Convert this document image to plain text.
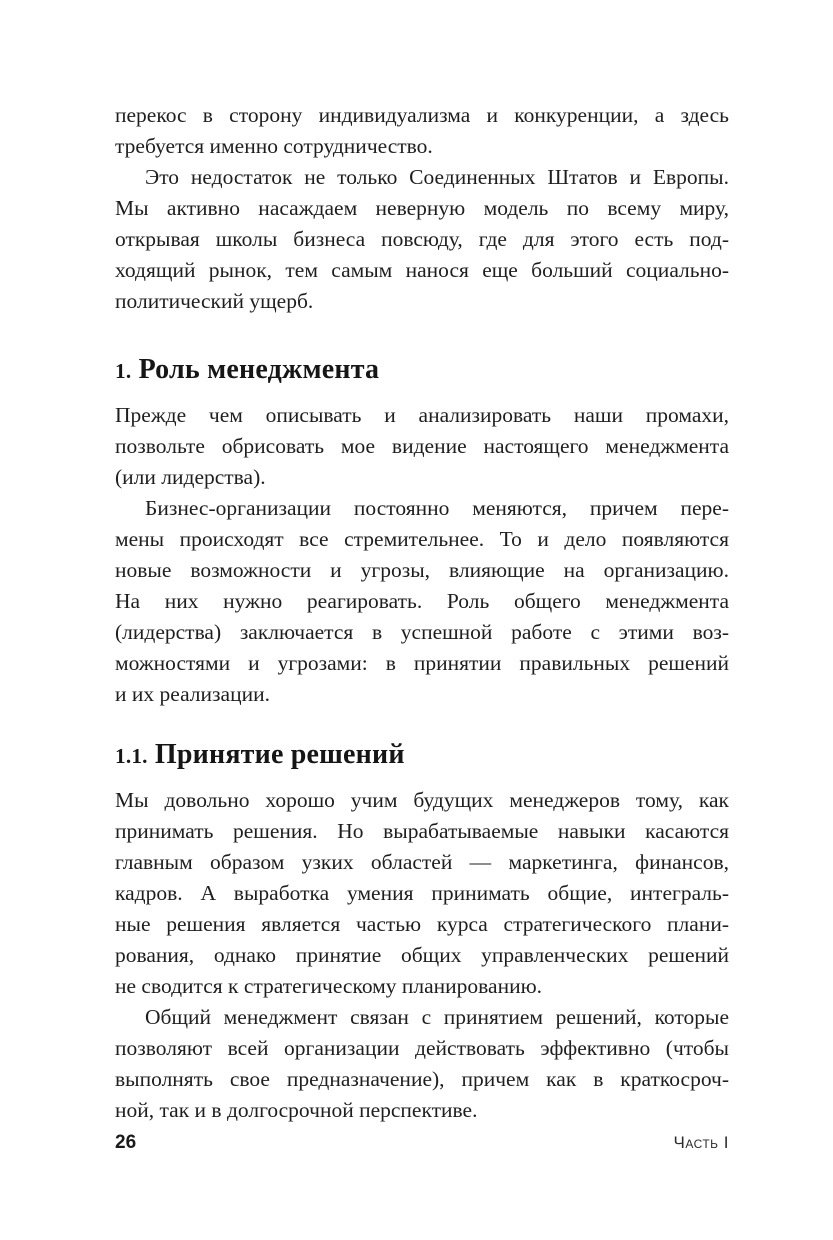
перекос в сторону индивидуализма и конкуренции, а здесь
требуется именно сотрудничество.

Это недостаток не только Соединенных Штатов и Европы.
Мы активно насаждаем неверную модель по всему миру,
открывая школы бизнеса повсюду, где для этого есть под-
ходящий рынок, тем самым нанося еще больший социально-
политический ущерб.

1. Роль менеджмента

Прежде чем описывать и анализировать наши промахи,
позвольте обрисовать мое видение настоящего менеджмента
(или лидерства).

Бизнес-организации постоянно меняются, причем пере-
мены происходят все стремительнее. То и дело появляются
новые возможности и угрозы, влияющие на организацию.
На них нужно реагировать. Роль общего менеджмента
(лидерства) заключается в успешной работе с этими воз-
можностями и угрозами: в принятии правильных решений
и их реализации.

1.1. Принятие решений

Мы довольно хорошо учим будущих менеджеров тому, как
принимать решения. Но вырабатываемые навыки касаются
главным образом узких областей — маркетинга, финансов,
кадров. А выработка умения принимать общие, интеграль-
ные решения является частью курса стратегического плани-
рования, однако принятие общих управленческих решений
не сводится к стратегическому планированию.

Общий менеджмент связан с принятием решений, которые
позволяют всей организации действовать эффективно (чтобы
выполнять свое предназначение), причем как в краткосроч-
ной, так и в долгосрочной перспективе.

26	Часть I
